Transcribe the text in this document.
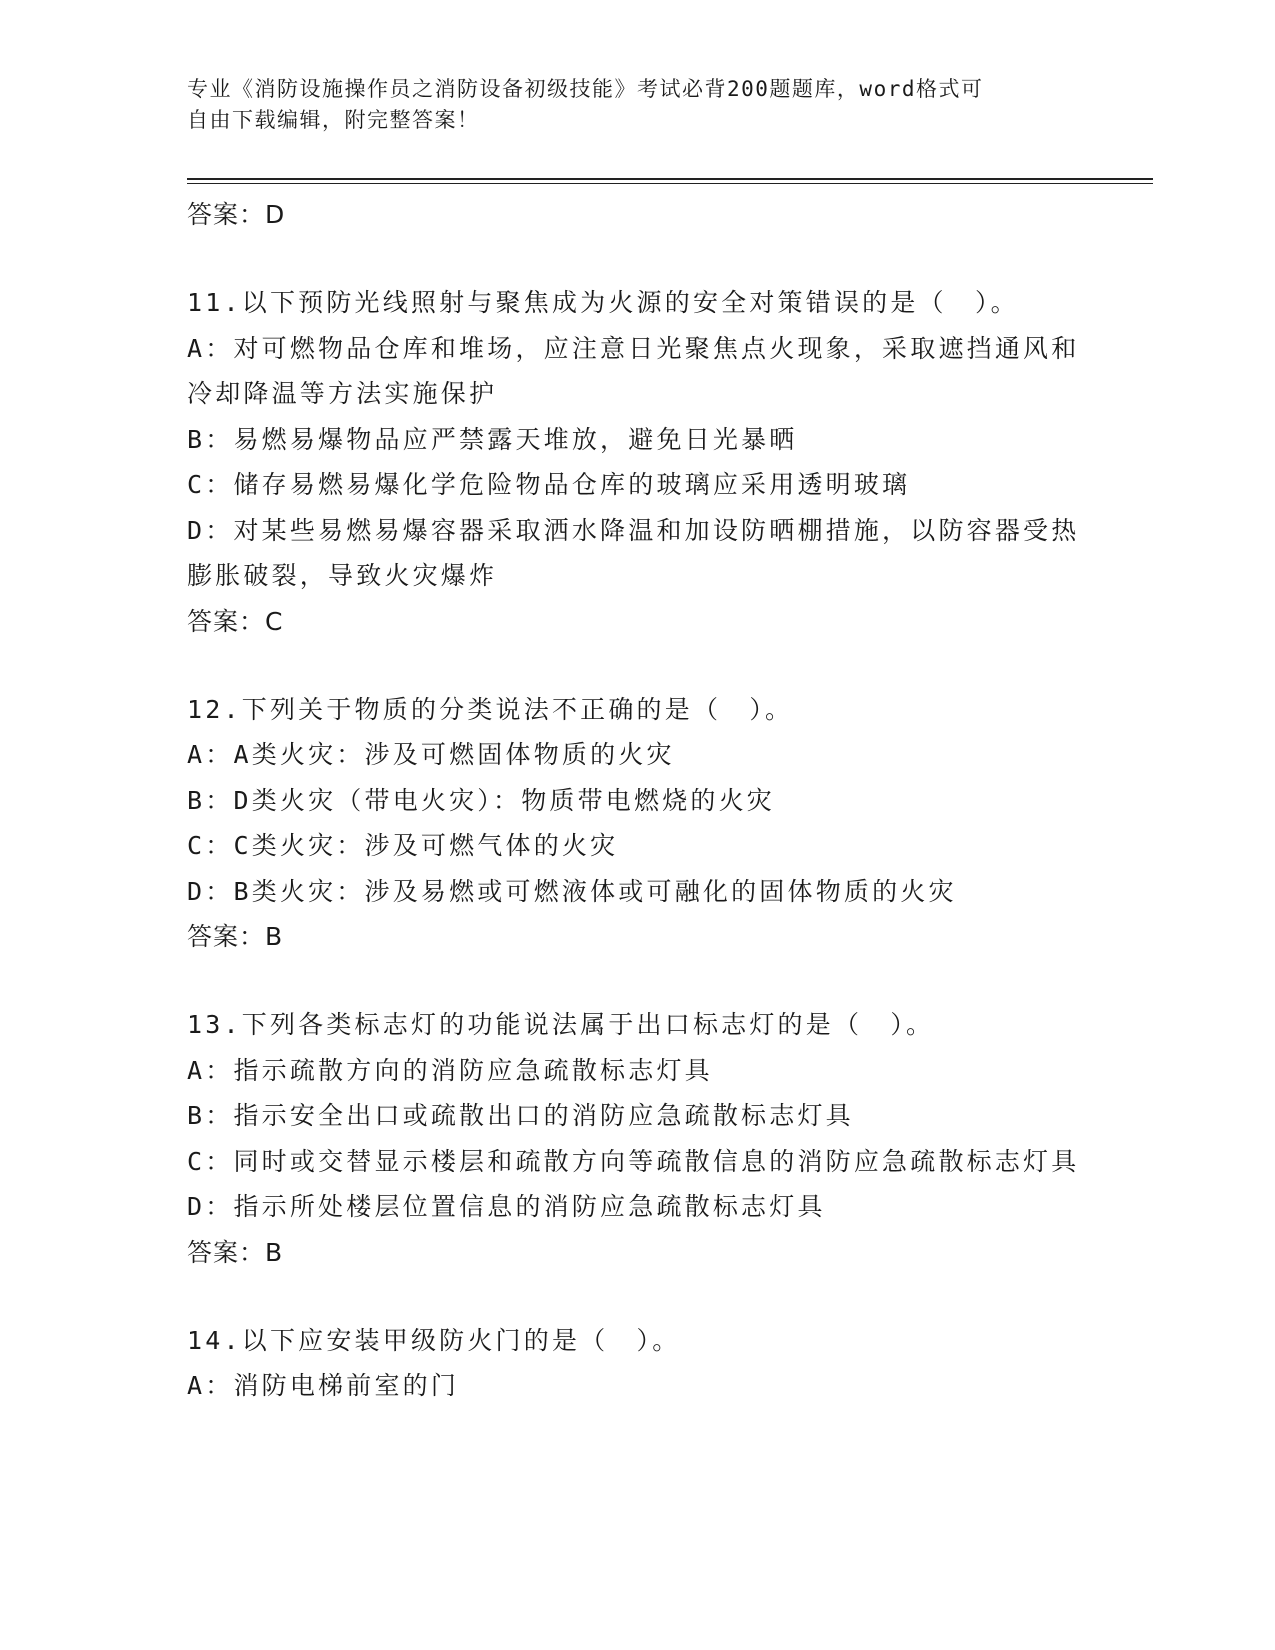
专业《消防设施操作员之消防设备初级技能》考试必背200题题库，word格式可
自由下载编辑，附完整答案！
答案：D
11.以下预防光线照射与聚焦成为火源的安全对策错误的是（　）。
A：对可燃物品仓库和堆场，应注意日光聚焦点火现象，采取遮挡通风和冷却降温等方法实施保护
B：易燃易爆物品应严禁露天堆放，避免日光暴晒
C：储存易燃易爆化学危险物品仓库的玻璃应采用透明玻璃
D：对某些易燃易爆容器采取洒水降温和加设防晒棚措施，以防容器受热膨胀破裂，导致火灾爆炸
答案：C
12.下列关于物质的分类说法不正确的是（　）。
A：A类火灾：涉及可燃固体物质的火灾
B：D类火灾（带电火灾）：物质带电燃烧的火灾
C：C类火灾：涉及可燃气体的火灾
D：B类火灾：涉及易燃或可燃液体或可融化的固体物质的火灾
答案：B
13.下列各类标志灯的功能说法属于出口标志灯的是（　）。
A：指示疏散方向的消防应急疏散标志灯具
B：指示安全出口或疏散出口的消防应急疏散标志灯具
C：同时或交替显示楼层和疏散方向等疏散信息的消防应急疏散标志灯具
D：指示所处楼层位置信息的消防应急疏散标志灯具
答案：B
14.以下应安装甲级防火门的是（　）。
A：消防电梯前室的门
